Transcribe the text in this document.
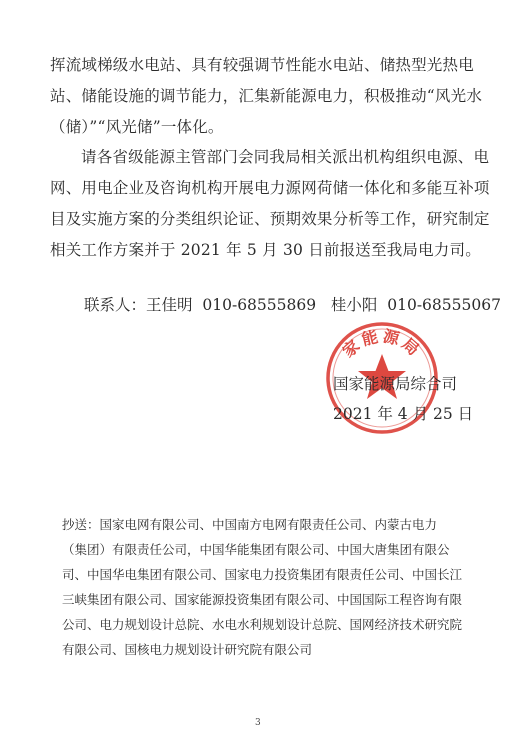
挥流域梯级水电站、具有较强调节性能水电站、储热型光热电站、储能设施的调节能力，汇集新能源电力，积极推动“风光水（储）”“风光储”一体化。

请各省级能源主管部门会同我局相关派出机构组织电源、电网、用电企业及咨询机构开展电力源网荷储一体化和多能互补项目及实施方案的分类组织论证、预期效果分析等工作，研究制定相关工作方案并于 2021 年 5 月 30 日前报送至我局电力司。

联系人：王佳明  010-68555869 桂小阳  010-68555067

家能源局

国家能源局综合司

2021 年 4 月 25 日

抄送：国家电网有限公司、中国南方电网有限责任公司、内蒙古电力（集团）有限责任公司，中国华能集团有限公司、中国大唐集团有限公司、中国华电集团有限公司、国家电力投资集团有限责任公司、中国长江三峡集团有限公司、国家能源投资集团有限公司、中国国际工程咨询有限公司、电力规划设计总院、水电水利规划设计总院、国网经济技术研究院有限公司、国核电力规划设计研究院有限公司

3
